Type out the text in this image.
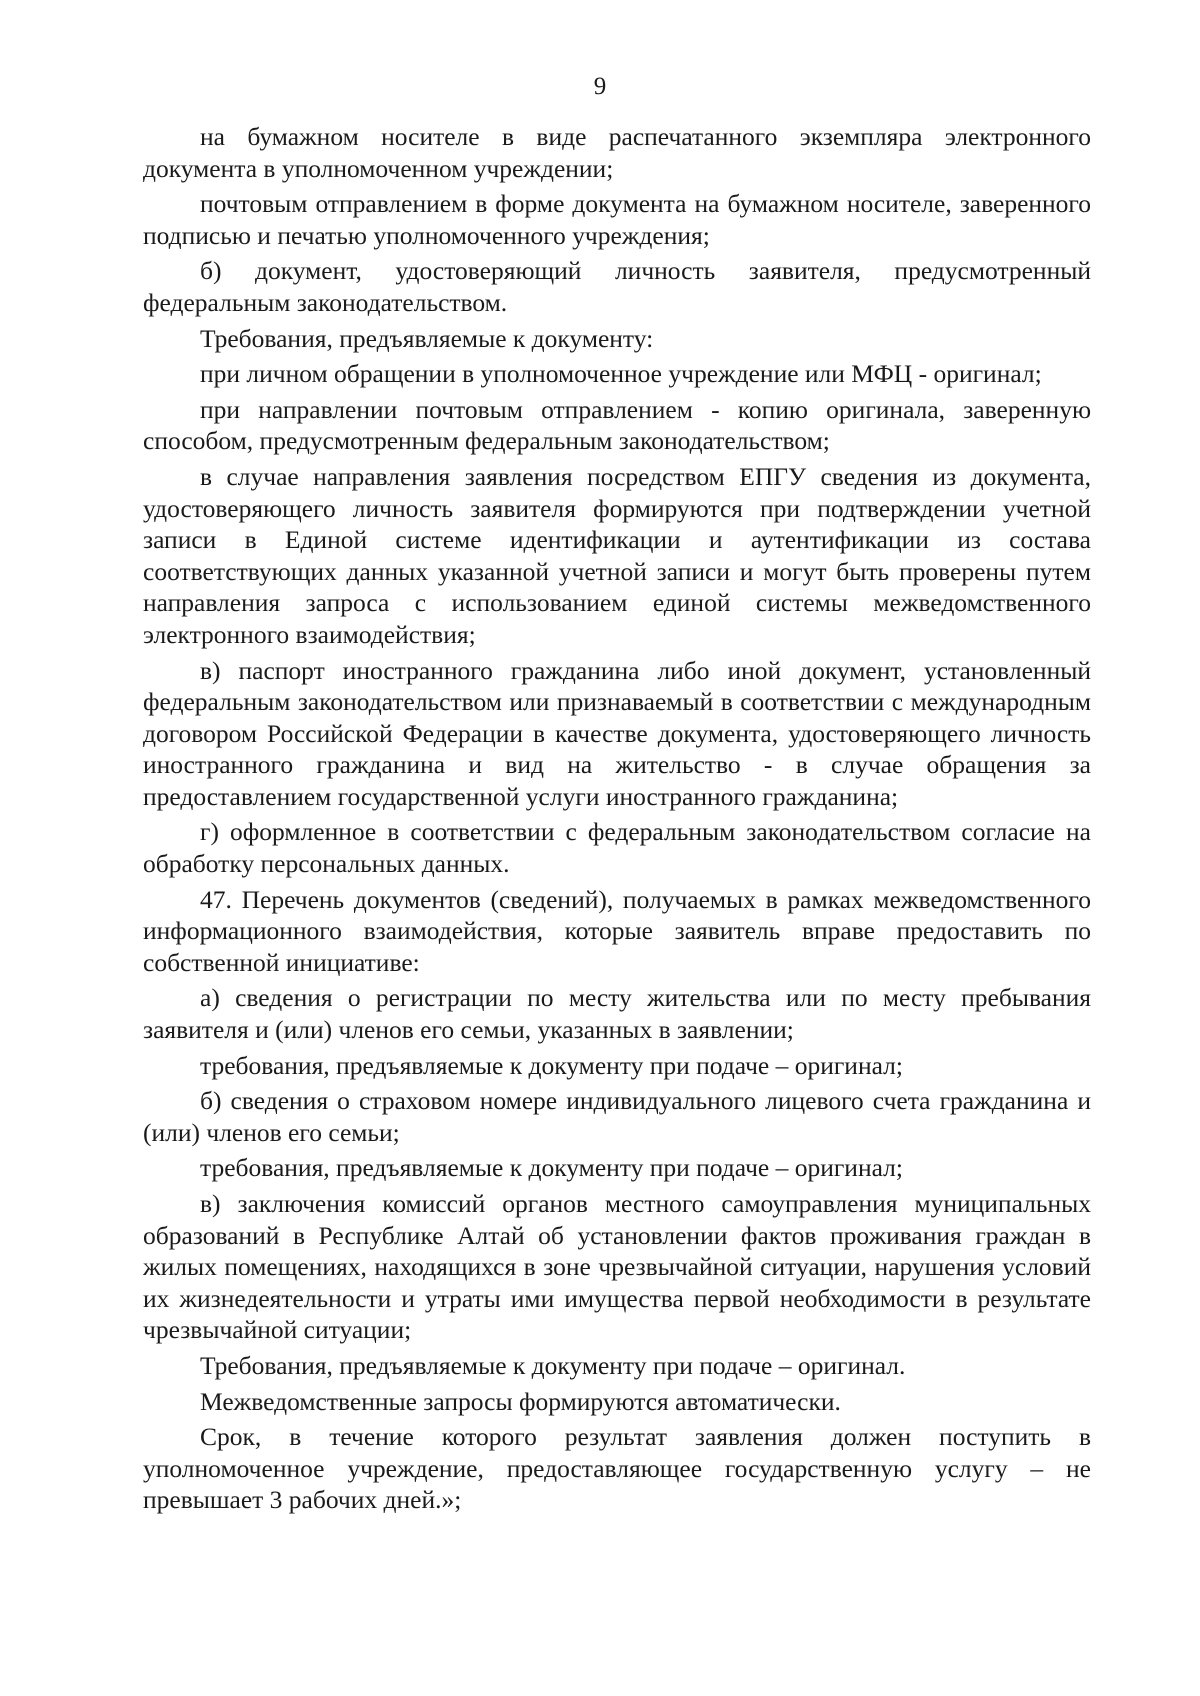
9

на бумажном носителе в виде распечатанного экземпляра электронного документа в уполномоченном учреждении;

почтовым отправлением в форме документа на бумажном носителе, заверенного подписью и печатью уполномоченного учреждения;

б) документ, удостоверяющий личность заявителя, предусмотренный федеральным законодательством.

Требования, предъявляемые к документу:

при личном обращении в уполномоченное учреждение или МФЦ - оригинал;

при направлении почтовым отправлением - копию оригинала, заверенную способом, предусмотренным федеральным законодательством;

в случае направления заявления посредством ЕПГУ сведения из документа, удостоверяющего личность заявителя формируются при подтверждении учетной записи в Единой системе идентификации и аутентификации из состава соответствующих данных указанной учетной записи и могут быть проверены путем направления запроса с использованием единой системы межведомственного электронного взаимодействия;

в) паспорт иностранного гражданина либо иной документ, установленный федеральным законодательством или признаваемый в соответствии с международным договором Российской Федерации в качестве документа, удостоверяющего личность иностранного гражданина и вид на жительство - в случае обращения за предоставлением государственной услуги иностранного гражданина;

г) оформленное в соответствии с федеральным законодательством согласие на обработку персональных данных.

47. Перечень документов (сведений), получаемых в рамках межведомственного информационного взаимодействия, которые заявитель вправе предоставить по собственной инициативе:

а) сведения о регистрации по месту жительства или по месту пребывания заявителя и (или) членов его семьи, указанных в заявлении;

требования, предъявляемые к документу при подаче – оригинал;

б) сведения о страховом номере индивидуального лицевого счета гражданина и (или) членов его семьи;

требования, предъявляемые к документу при подаче – оригинал;

в) заключения комиссий органов местного самоуправления муниципальных образований в Республике Алтай об установлении фактов проживания граждан в жилых помещениях, находящихся в зоне чрезвычайной ситуации, нарушения условий их жизнедеятельности и утраты ими имущества первой необходимости в результате чрезвычайной ситуации;

Требования, предъявляемые к документу при подаче – оригинал.

Межведомственные запросы формируются автоматически.

Срок, в течение которого результат заявления должен поступить в уполномоченное учреждение, предоставляющее государственную услугу – не превышает 3 рабочих дней.»;
